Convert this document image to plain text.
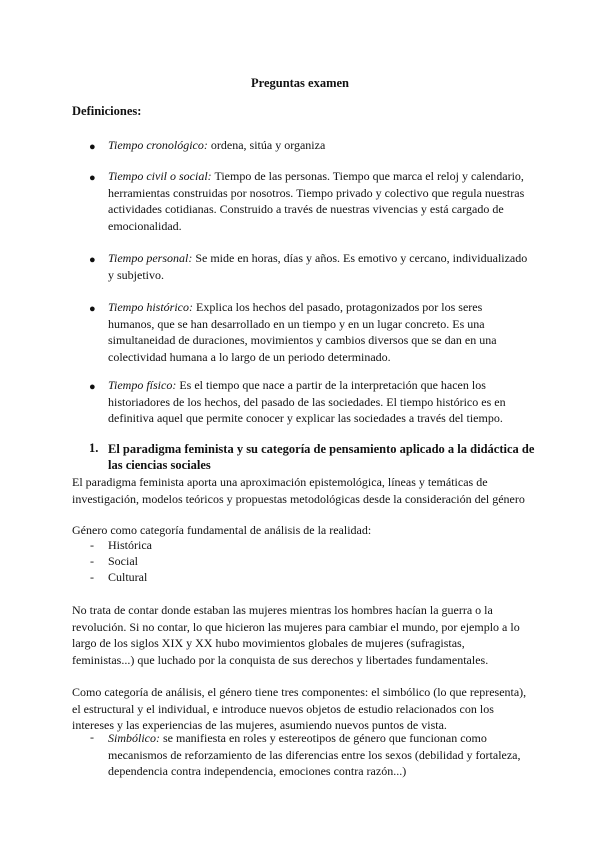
Preguntas examen
Definiciones:
● Tiempo cronológico: ordena, sitúa y organiza
● Tiempo civil o social: Tiempo de las personas. Tiempo que marca el reloj y calendario, herramientas construidas por nosotros. Tiempo privado y colectivo que regula nuestras actividades cotidianas. Construido a través de nuestras vivencias y está cargado de emocionalidad.
● Tiempo personal: Se mide en horas, días y años. Es emotivo y cercano, individualizado y subjetivo.
● Tiempo histórico: Explica los hechos del pasado, protagonizados por los seres humanos, que se han desarrollado en un tiempo y en un lugar concreto. Es una simultaneidad de duraciones, movimientos y cambios diversos que se dan en una colectividad humana a lo largo de un periodo determinado.
● Tiempo físico: Es el tiempo que nace a partir de la interpretación que hacen los historiadores de los hechos, del pasado de las sociedades. El tiempo histórico es en definitiva aquel que permite conocer y explicar las sociedades a través del tiempo.
1. El paradigma feminista y su categoría de pensamiento aplicado a la didáctica de las ciencias sociales
El paradigma feminista aporta una aproximación epistemológica, líneas y temáticas de investigación, modelos teóricos y propuestas metodológicas desde la consideración del género
Género como categoría fundamental de análisis de la realidad:
- Histórica
- Social
- Cultural
No trata de contar donde estaban las mujeres mientras los hombres hacían la guerra o la revolución. Si no contar, lo que hicieron las mujeres para cambiar el mundo, por ejemplo a lo largo de los siglos XIX y XX hubo movimientos globales de mujeres (sufragistas, feministas...) que luchado por la conquista de sus derechos y libertades fundamentales.
Como categoría de análisis, el género tiene tres componentes: el simbólico (lo que representa), el estructural y el individual, e introduce nuevos objetos de estudio relacionados con los intereses y las experiencias de las mujeres, asumiendo nuevos puntos de vista.
- Simbólico: se manifiesta en roles y estereotipos de género que funcionan como mecanismos de reforzamiento de las diferencias entre los sexos (debilidad y fortaleza, dependencia contra independencia, emociones contra razón...)
